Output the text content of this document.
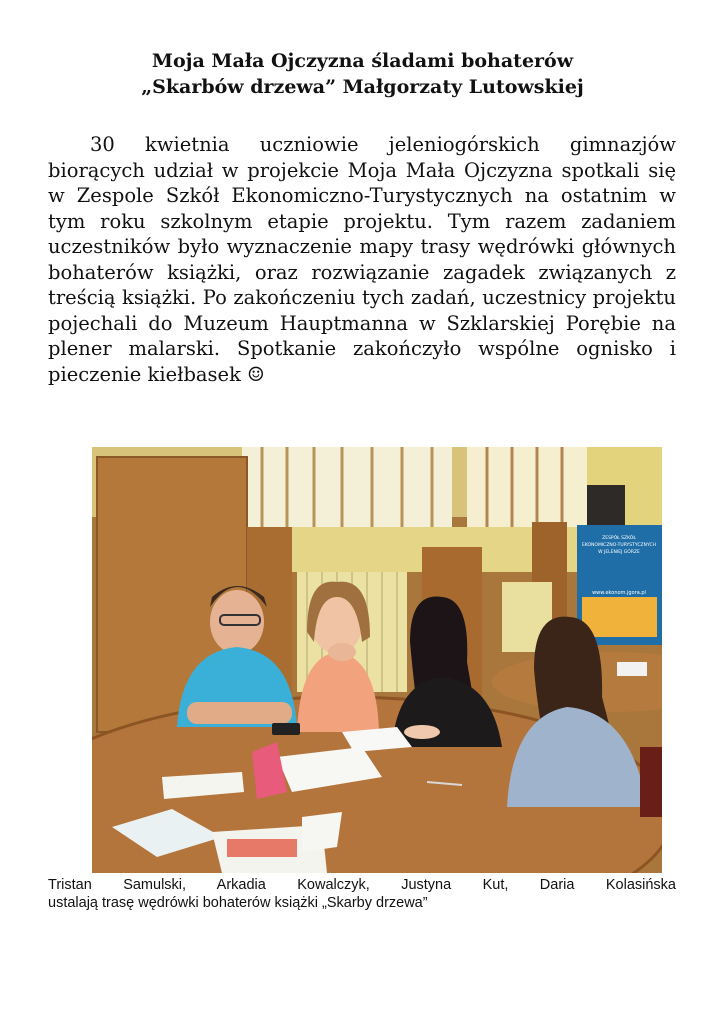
Moja Mała Ojczyzna śladami bohaterów
„Skarbów drzewa” Małgorzaty Lutowskiej

30 kwietnia uczniowie jeleniogórskich gimnazjów biorących udział w projekcie Moja Mała Ojczyzna spotkali się w Zespole Szkół Ekonomiczno-Turystycznych na ostatnim w tym roku szkolnym etapie projektu. Tym razem zadaniem uczestników było wyznaczenie mapy trasy wędrówki głównych bohaterów książki, oraz rozwiązanie zagadek związanych z treścią książki. Po zakończeniu tych zadań, uczestnicy projektu pojechali do Muzeum Hauptmanna w Szklarskiej Porębie na plener malarski. Spotkanie zakończyło wspólne ognisko i pieczenie kiełbasek ☺

ZESPÓŁ SZKÓŁ
EKONOMICZNO-TURYSTYCZNYCH
W JELENIEJ GÓRZE
www.ekonom.jgora.pl

Tristan Samulski, Arkadia Kowalczyk, Justyna Kut, Daria Kolasińska
ustalają trasę wędrówki bohaterów książki „Skarby drzewa”
